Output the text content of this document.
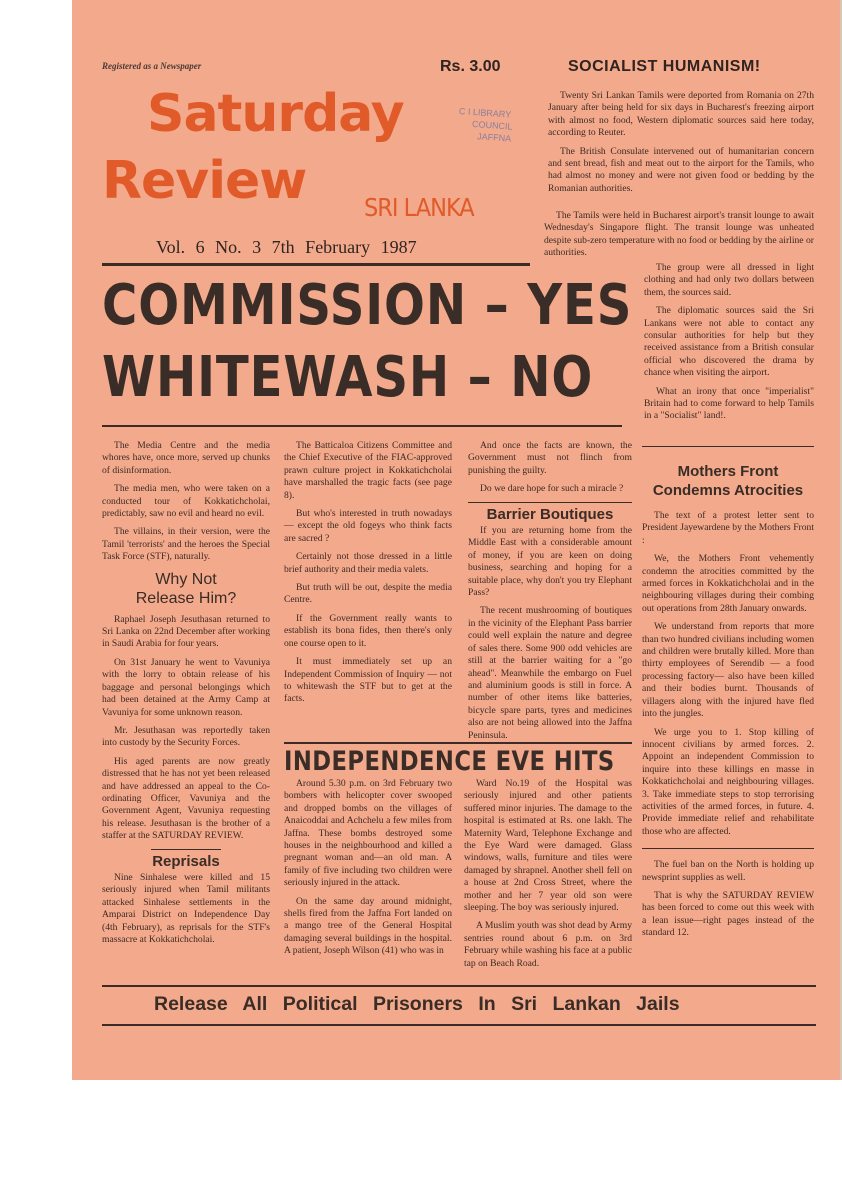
Registered as a Newspaper	Rs. 3.00	SOCIALIST HUMANISM!
Saturday
Review SRI LANKA
C I LIBRARY
COUNCIL
JAFFNA
Vol. 6 No. 3 7th February 1987
COMMISSION – YES
WHITEWASH – NO

Twenty Sri Lankan Tamils were deported from Romania on 27th January after being held for six days in Bucharest's freezing airport with almost no food, Western diplomatic sources said here today, according to Reuter.

The British Consulate intervened out of humanitarian concern and sent bread, fish and meat out to the airport for the Tamils, who had almost no money and were not given food or bedding by the Romanian authorities.

The Tamils were held in Bucharest airport's transit lounge to await Wednesday's Singapore flight. The transit lounge was unheated despite sub-zero temperature with no food or bedding by the airline or authorities.

The group were all dressed in light clothing and had only two dollars between them, the sources said.

The diplomatic sources said the Sri Lankans were not able to contact any consular authorities for help but they received assistance from a British consular official who discovered the drama by chance when visiting the airport.

What an irony that once "imperialist" Britain had to come forward to help Tamils in a "Socialist" land!.

Mothers Front Condemns Atrocities

The text of a protest letter sent to President Jayewardene by the Mothers Front :

We, the Mothers Front vehemently condemn the atrocities committed by the armed forces in Kokkatichcholai and in the neighbouring villages during their combing out operations from 28th January onwards.

We understand from reports that more than two hundred civilians including women and children were brutally killed. More than thirty employees of Serendib — a food processing factory— also have been killed and their bodies burnt. Thousands of villagers along with the injured have fled into the jungles.

We urge you to 1. Stop killing of innocent civilians by armed forces. 2. Appoint an independent Commission to inquire into these killings en masse in Kokkatichcholai and neighbouring villages. 3. Take immediate steps to stop terrorising activities of the armed forces, in future. 4. Provide immediate relief and rehabilitate those who are affected.

The fuel ban on the North is holding up newsprint supplies as well.

That is why the SATURDAY REVIEW has been forced to come out this week with a lean issue—right pages instead of the standard 12.

The Media Centre and the media whores have, once more, served up chunks of disinformation.

The media men, who were taken on a conducted tour of Kokkatichcholai, predictably, saw no evil and heard no evil.

The villains, in their version, were the Tamil 'terrorists' and the heroes the Special Task Force (STF), naturally.

Why Not
Release Him?

Raphael Joseph Jesuthasan returned to Sri Lanka on 22nd December after working in Saudi Arabia for four years.

On 31st January he went to Vavuniya with the lorry to obtain release of his baggage and personal belongings which had been detained at the Army Camp at Vavuniya for some unknown reason.

Mr. Jesuthasan was reportedly taken into custody by the Security Forces.

His aged parents are now greatly distressed that he has not yet been released and have addressed an appeal to the Co-ordinating Officer, Vavuniya and the Government Agent, Vavuniya requesting his release. Jesuthasan is the brother of a staffer at the SATURDAY REVIEW.

Reprisals

Nine Sinhalese were killed and 15 seriously injured when Tamil militants attacked Sinhalese settlements in the Amparai District on Independence Day (4th February), as reprisals for the STF's massacre at Kokkatichcholai.

The Batticaloa Citizens Committee and the Chief Executive of the FIAC-approved prawn culture project in Kokkatichcholai have marshalled the tragic facts (see page 8).

But who's interested in truth nowadays — except the old fogeys who think facts are sacred ?

Certainly not those dressed in a little brief authority and their media valets.

But truth will be out, despite the media Centre.

If the Government really wants to establish its bona fides, then there's only one course open to it.

It must immediately set up an Independent Commission of Inquiry — not to whitewash the STF but to get at the facts.

And once the facts are known, the Government must not flinch from punishing the guilty.

Do we dare hope for such a miracle ?

Barrier Boutiques

If you are returning home from the Middle East with a considerable amount of money, if you are keen on doing business, searching and hoping for a suitable place, why don't you try Elephant Pass?

The recent mushrooming of boutiques in the vicinity of the Elephant Pass barrier could well explain the nature and degree of sales there. Some 900 odd vehicles are still at the barrier waiting for a "go ahead". Meanwhile the embargo on Fuel and aluminium goods is still in force. A number of other items like batteries, bicycle spare parts, tyres and medicines also are not being allowed into the Jaffna Peninsula.

INDEPENDENCE EVE HITS

Around 5.30 p.m. on 3rd February two bombers with helicopter cover swooped and dropped bombs on the villages of Anaicoddai and Achchelu a few miles from Jaffna. These bombs destroyed some houses in the neighbourhood and killed a pregnant woman and—an old man. A family of five including two children were seriously injured in the attack.

On the same day around midnight, shells fired from the Jaffna Fort landed on a mango tree of the General Hospital damaging several buildings in the hospital. A patient, Joseph Wilson (41) who was in

Ward No.19 of the Hospital was seriously injured and other patients suffered minor injuries. The damage to the hospital is estimated at Rs. one lakh. The Maternity Ward, Telephone Exchange and the Eye Ward were damaged. Glass windows, walls, furniture and tiles were damaged by shrapnel. Another shell fell on a house at 2nd Cross Street, where the mother and her 7 year old son were sleeping. The boy was seriously injured.

A Muslim youth was shot dead by Army sentries round about 6 p.m. on 3rd February while washing his face at a public tap on Beach Road.

Release All Political Prisoners In Sri Lankan Jails
